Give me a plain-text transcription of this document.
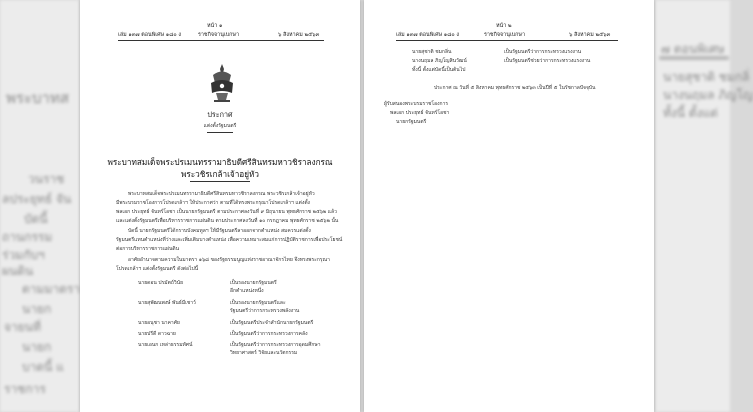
พระบาทส
วนราช
ลประยุทธ์ จัน
บัดนี้
ถานกรรม
ร่วมกับฯ
ผนดิน
ตามมาตรา
นายก
จายนที่
นายก
บาดนี้ แ
ราชการ
๗ ตอนพิเศษ
นายสุชาติ ชมกลิ่
นางนฤมล ภิญโญ
ทั้งนี้ ตั้งแต่
หน้า ๑
เล่ม ๑๓๗ ตอนพิเศษ ๑๘๐ ง	ราชกิจจานุเบกษา	๖ สิงหาคม ๒๕๖๓
ประกาศ
แต่งตั้งรัฐมนตรี
พระบาทสมเด็จพระปรเมนทรรามาธิบดีศรีสินทรมหาวชิราลงกรณ
พระวชิรเกล้าเจ้าอยู่หัว
พระบาทสมเด็จพระปรเมนทรรามาธิบดีศรีสินทรมหาวชิราลงกรณ พระวชิรเกล้าเจ้าอยู่หัว
มีพระบรมราชโองการโปรดเกล้าฯ ให้ประกาศว่า ตามที่ได้ทรงพระกรุณาโปรดเกล้าฯ แต่งตั้ง
พลเอก ประยุทธ์ จันทร์โอชา เป็นนายกรัฐมนตรี ตามประกาศลงวันที่ ๙ มิถุนายน พุทธศักราช ๒๕๖๒ แล้ว
และแต่งตั้งรัฐมนตรีเพื่อบริหารราชการแผ่นดิน ตามประกาศลงวันที่ ๑๐ กรกฎาคม พุทธศักราช ๒๕๖๒ นั้น
บัดนี้ นายกรัฐมนตรีได้กราบบังคมทูลฯ ให้มีรัฐมนตรีลาออกจากตำแหน่ง สมควรแต่งตั้ง
รัฐมนตรีแทนตำแหน่งที่ว่างและเพิ่มเติมบางตำแหน่ง เพื่อความเหมาะสมแก่การปฏิบัติราชการเพื่อประโยชน์
ต่อการบริหารราชการแผ่นดิน
อาศัยอำนาจตามความในมาตรา ๑๖๘ ของรัฐธรรมนูญแห่งราชอาณาจักรไทย จึงทรงพระกรุณา
โปรดเกล้าฯ แต่งตั้งรัฐมนตรี ดังต่อไปนี้
นายดอน ปรมัตถ์วินัย	เป็นรองนายกรัฐมนตรี
อีกตำแหน่งหนึ่ง
นายสุพัฒนพงษ์ พันธ์มีเชาว์	เป็นรองนายกรัฐมนตรีและ
รัฐมนตรีว่าการกระทรวงพลังงาน
นายอนุชา นาคาศัย	เป็นรัฐมนตรีประจำสำนักนายกรัฐมนตรี
นายปรีดี ดาวฉาย	เป็นรัฐมนตรีว่าการกระทรวงการคลัง
นายเอนก เหล่าธรรมทัศน์	เป็นรัฐมนตรีว่าการกระทรวงการอุดมศึกษา
วิทยาศาสตร์ วิจัยและนวัตกรรม
หน้า ๒
เล่ม ๑๓๗ ตอนพิเศษ ๑๘๐ ง	ราชกิจจานุเบกษา	๖ สิงหาคม ๒๕๖๓
นายสุชาติ ชมกลิ่น	เป็นรัฐมนตรีว่าการกระทรวงแรงงาน
นางนฤมล ภิญโญสินวัฒน์	เป็นรัฐมนตรีช่วยว่าการกระทรวงแรงงาน
ทั้งนี้ ตั้งแต่บัดนี้เป็นต้นไป
ประกาศ ณ วันที่ ๕ สิงหาคม พุทธศักราช ๒๕๖๓ เป็นปีที่ ๕ ในรัชกาลปัจจุบัน
ผู้รับสนองพระบรมราชโองการ
พลเอก ประยุทธ์ จันทร์โอชา
นายกรัฐมนตรี
